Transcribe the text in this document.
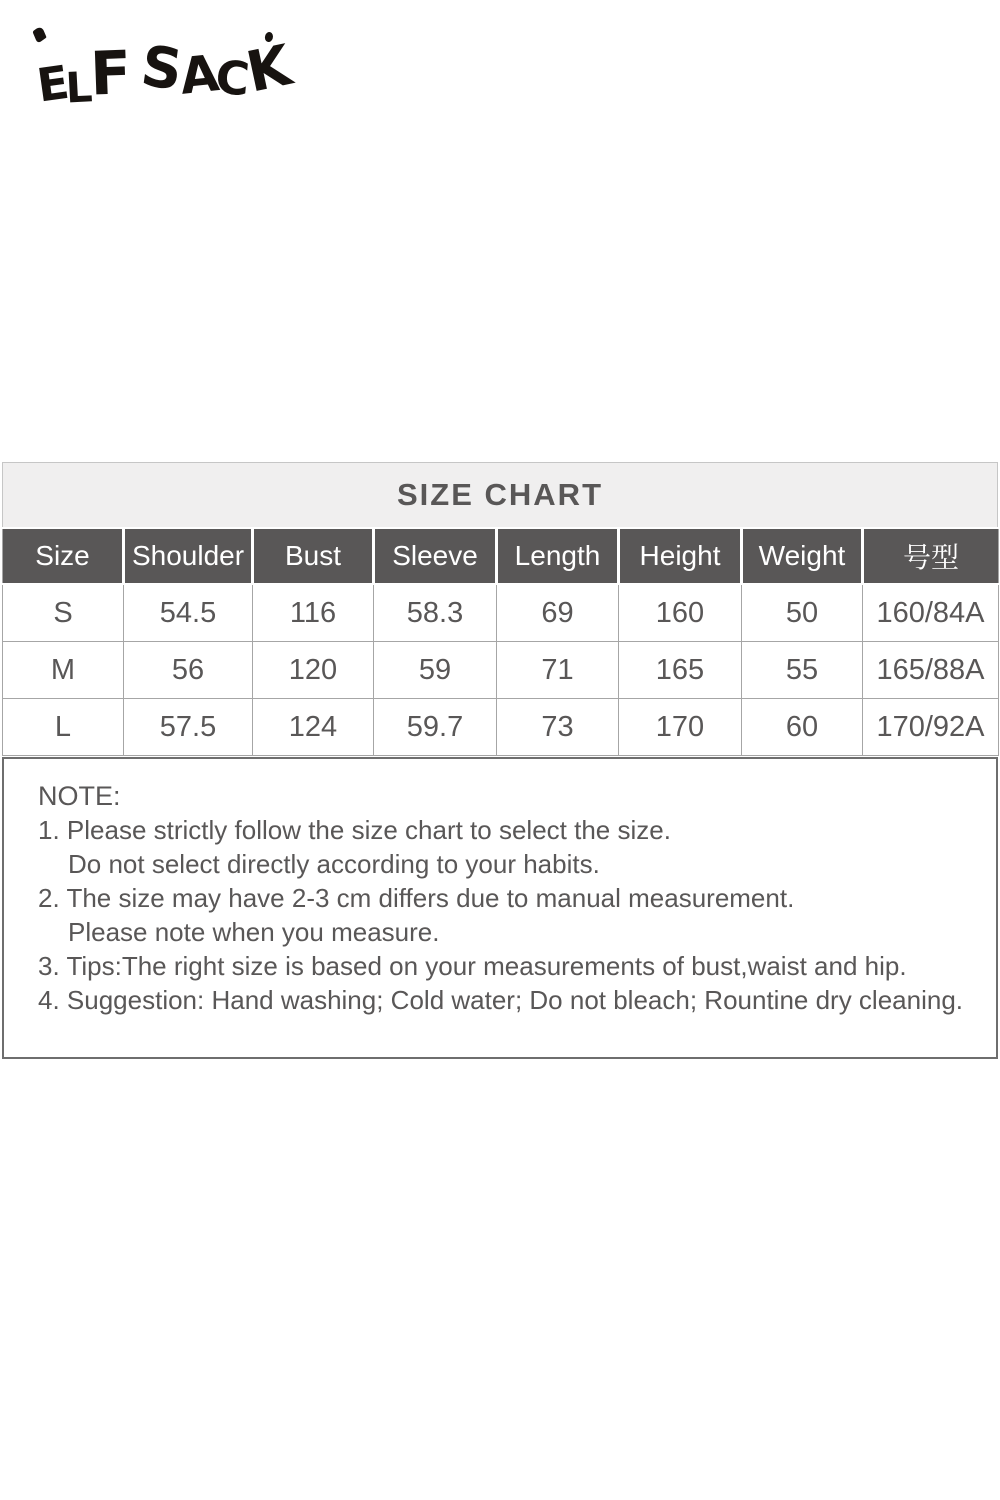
ELF SACK
SIZE CHART
Size	Shoulder	Bust	Sleeve	Length	Height	Weight	号型
S	54.5	116	58.3	69	160	50	160/84A
M	56	120	59	71	165	55	165/88A
L	57.5	124	59.7	73	170	60	170/92A
NOTE:
1. Please strictly follow the size chart to select the size.
Do not select directly according to your habits.
2. The size may have 2-3 cm differs due to manual measurement.
Please note when you measure.
3. Tips:The right size is based on your measurements of bust,waist and hip.
4. Suggestion: Hand washing; Cold water; Do not bleach; Rountine dry cleaning.
